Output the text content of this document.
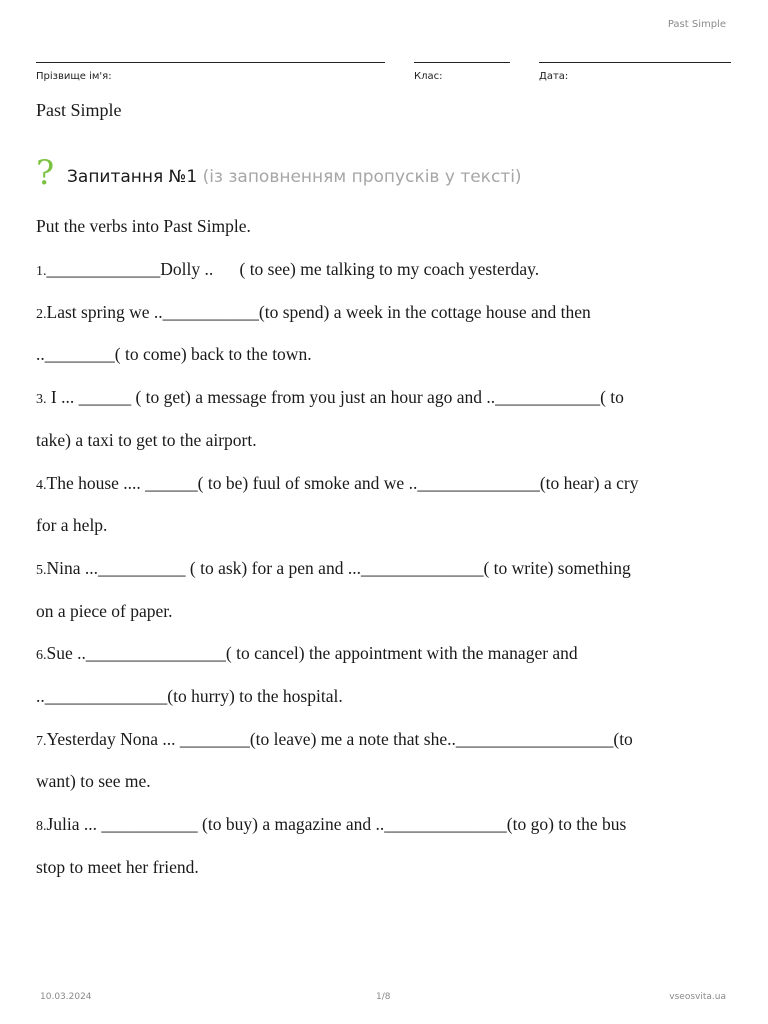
Past Simple
Прізвище ім'я:	Клас:	Дата:
Past Simple
? Запитання №1 (із заповненням пропусків у тексті)
Put the verbs into Past Simple.
1._____________Dolly ..      ( to see) me talking to my coach yesterday.
2.Last spring we ..___________(to spend) a week in the cottage house and then
..________( to come) back to the town.
3. I ... ______ ( to get) a message from you just an hour ago and ..____________( to
take) a taxi to get to the airport.
4.The house .... ______( to be) fuul of smoke and we ..______________(to hear) a cry
for a help.
5.Nina ...__________ ( to ask) for a pen and ...______________( to write) something
on a piece of paper.
6.Sue ..________________( to cancel) the appointment with the manager and
..______________(to hurry) to the hospital.
7.Yesterday Nona ... ________(to leave) me a note that she..__________________(to
want) to see me.
8.Julia ... ___________ (to buy) a magazine and ..______________(to go) to the bus
stop to meet her friend.
10.03.2024	1/8	vseosvita.ua
